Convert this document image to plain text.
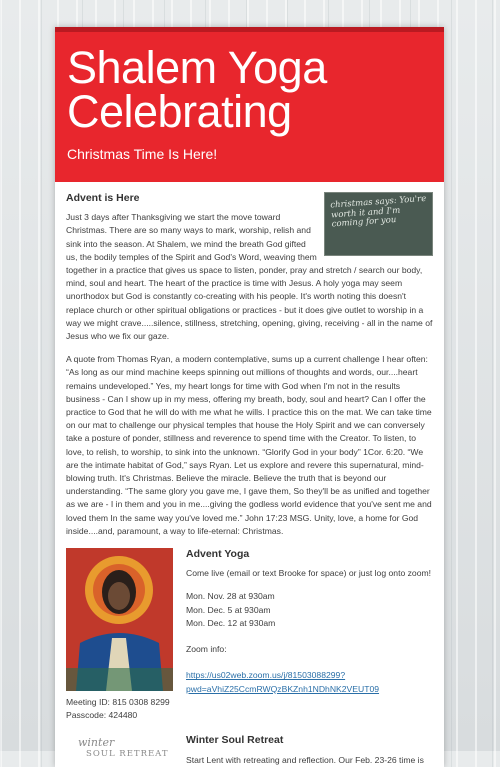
Shalem Yoga
Celebrating
Christmas Time Is Here!
christmas says: You're worth it and I'm coming for you
Advent is Here

Just 3 days after Thanksgiving we start the move toward Christmas. There are so many ways to mark, worship, relish and sink into the season. At Shalem, we mind the breath God gifted us, the bodily temples of the Spirit and God's Word, weaving them together in a practice that gives us space to listen, ponder, pray and stretch / search our body, mind, soul and heart. The heart of the practice is time with Jesus. A holy yoga may seem unorthodox but God is constantly co-creating with his people. It's worth noting this doesn't replace church or other spiritual obligations or practices - but it does give outlet to worship in a way we might crave.....silence, stillness, stretching, opening, giving, receiving - all in the name of Jesus who we fix our gaze.

A quote from Thomas Ryan, a modern contemplative, sums up a current challenge I hear often: “As long as our mind machine keeps spinning out millions of thoughts and words, our....heart remains undeveloped.” Yes, my heart longs for time with God when I'm not in the results business - Can I show up in my mess, offering my breath, body, soul and heart? Can I offer the practice to God that he will do with me what he wills. I practice this on the mat. We can take time on our mat to challenge our physical temples that house the Holy Spirit and we can conversely take a posture of ponder, stillness and reverence to spend time with the Creator. To listen, to love, to relish, to worship, to sink into the unknown. “Glorify God in your body” 1Cor. 6:20. “We are the intimate habitat of God,” says Ryan. Let us explore and revere this supernatural, mind-blowing truth. It's Christmas. Believe the miracle. Believe the truth that is beyond our understanding. “The same glory you gave me, I gave them, So they'll be as unified and together as we are - I in them and you in me....giving the godless world evidence that you've sent me and loved them In the same way you've loved me.” John 17:23 MSG. Unity, love, a home for God inside....and, paramount, a way to life-eternal: Christmas.

Meeting ID: 815 0308 8299
Passcode: 424480
Advent Yoga

Come live (email or text Brooke for space) or just log onto zoom!

Mon. Nov. 28 at 930am
Mon. Dec. 5 at 930am
Mon. Dec. 12 at 930am
Zoom info:
https://us02web.zoom.us/j/81503088299?
pwd=aVhiZ25CcmRWQzBKZnh1NDhNK2VEUT09
winter
SOUL RETREAT
Winter Soul Retreat
Start Lent with retreating and reflection. Our Feb. 23-26 time is
